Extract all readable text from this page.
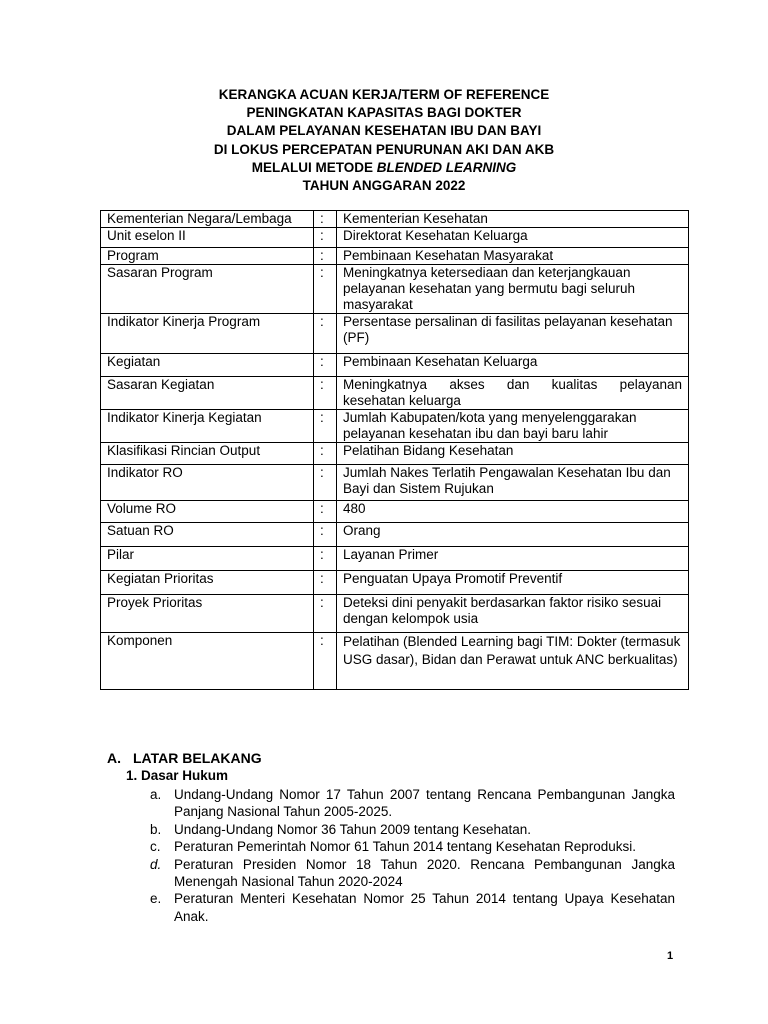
KERANGKA ACUAN KERJA/TERM OF REFERENCE
PENINGKATAN KAPASITAS BAGI DOKTER
DALAM PELAYANAN KESEHATAN IBU DAN BAYI
DI LOKUS PERCEPATAN PENURUNAN AKI DAN AKB
MELALUI METODE BLENDED LEARNING
TAHUN ANGGARAN 2022
Kementerian Negara/Lembaga	:	Kementerian Kesehatan
Unit eselon II	:	Direktorat Kesehatan Keluarga
Program	:	Pembinaan Kesehatan Masyarakat
Sasaran Program	:	Meningkatnya ketersediaan dan keterjangkauan pelayanan kesehatan yang bermutu bagi seluruh masyarakat
Indikator Kinerja Program	:	Persentase persalinan di fasilitas pelayanan kesehatan (PF)
Kegiatan	:	Pembinaan Kesehatan Keluarga
Sasaran Kegiatan	:	Meningkatnya akses dan kualitas pelayanan
kesehatan keluarga

Indikator Kinerja Kegiatan	:	Jumlah Kabupaten/kota yang menyelenggarakan pelayanan kesehatan ibu dan bayi baru lahir
Klasifikasi Rincian Output	:	Pelatihan Bidang Kesehatan
Indikator RO	:	Jumlah Nakes Terlatih Pengawalan Kesehatan Ibu dan Bayi dan Sistem Rujukan
Volume RO	:	480
Satuan RO	:	Orang
Pilar	:	Layanan Primer
Kegiatan Prioritas	:	Penguatan Upaya Promotif Preventif
Proyek Prioritas	:	Deteksi dini penyakit berdasarkan faktor risiko sesuai dengan kelompok usia
Komponen	:	Pelatihan (Blended Learning bagi TIM: Dokter (termasuk USG dasar), Bidan dan Perawat untuk ANC berkualitas)
A. LATAR BELAKANG
1. Dasar Hukum
a. Undang-Undang Nomor 17 Tahun 2007 tentang Rencana Pembangunan Jangka Panjang Nasional Tahun 2005-2025.
b. Undang-Undang Nomor 36 Tahun 2009 tentang Kesehatan.
c. Peraturan Pemerintah Nomor 61 Tahun 2014 tentang Kesehatan Reproduksi.
d. Peraturan Presiden Nomor 18 Tahun 2020. Rencana Pembangunan Jangka Menengah Nasional Tahun 2020-2024
e. Peraturan Menteri Kesehatan Nomor 25 Tahun 2014 tentang Upaya Kesehatan Anak.
1
